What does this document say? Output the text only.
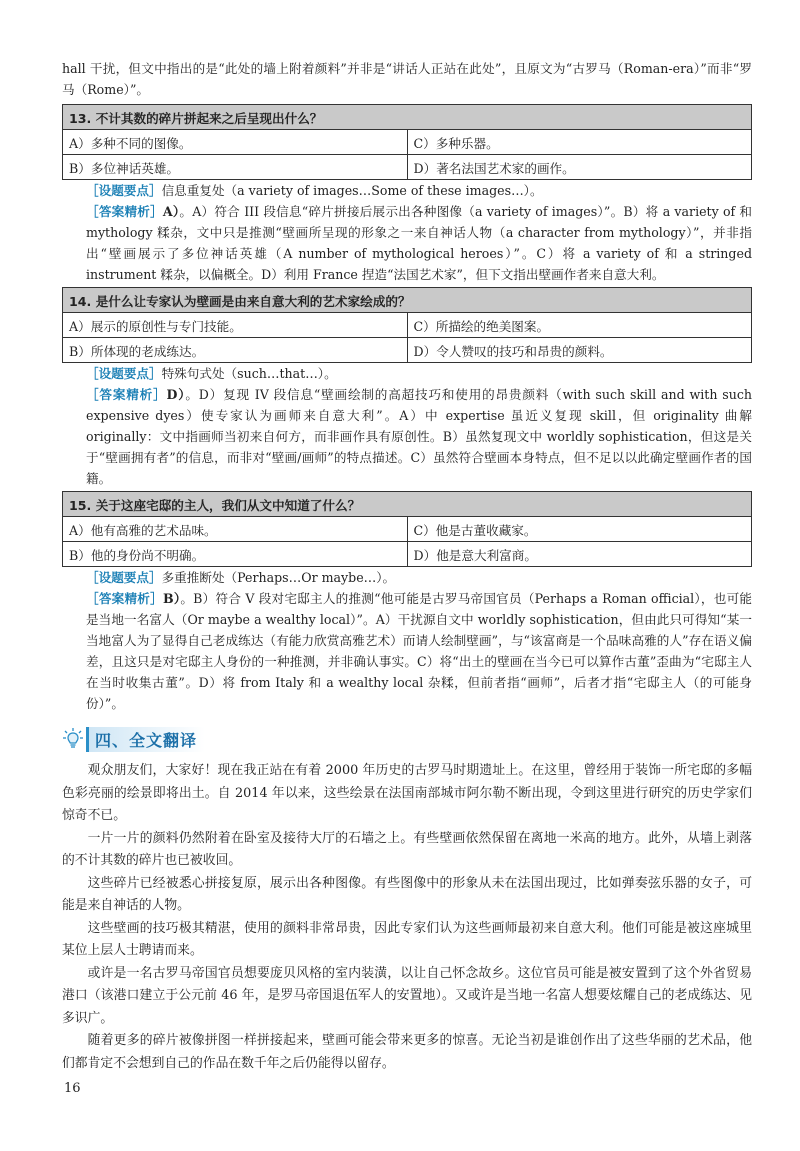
hall 干扰，但文中指出的是“此处的墙上附着颜料”并非是“讲话人正站在此处”，且原文为“古罗马（Roman-era）”而非“罗马（Rome）”。

13. 不计其数的碎片拼起来之后呈现出什么？	
A）多种不同的图像。	C）多种乐器。
B）多位神话英雄。	D）著名法国艺术家的画作。

［设题要点］信息重复处（a variety of images…Some of these images…）。

［答案精析］A）。A）符合 III 段信息“碎片拼接后展示出各种图像（a variety of images）”。B）将 a variety of 和 mythology 糅杂，文中只是推测“壁画所呈现的形象之一来自神话人物（a character from mythology）”，并非指出“壁画展示了多位神话英雄（A number of mythological heroes）”。C）将 a variety of 和 a stringed instrument 糅杂，以偏概全。D）利用 France 捏造“法国艺术家”，但下文指出壁画作者来自意大利。

14. 是什么让专家认为壁画是由来自意大利的艺术家绘成的？	
A）展示的原创性与专门技能。	C）所描绘的绝美图案。
B）所体现的老成练达。	D）令人赞叹的技巧和昂贵的颜料。

［设题要点］特殊句式处（such…that…）。

［答案精析］D）。D）复现 IV 段信息“壁画绘制的高超技巧和使用的昂贵颜料（with such skill and with such expensive dyes）使专家认为画师来自意大利”。A）中 expertise 虽近义复现 skill，但 originality 曲解 originally：文中指画师当初来自何方，而非画作具有原创性。B）虽然复现文中 worldly sophistication，但这是关于“壁画拥有者”的信息，而非对“壁画/画师”的特点描述。C）虽然符合壁画本身特点，但不足以以此确定壁画作者的国籍。

15. 关于这座宅邸的主人，我们从文中知道了什么？	
A）他有高雅的艺术品味。	C）他是古董收藏家。
B）他的身份尚不明确。	D）他是意大利富商。

［设题要点］多重推断处（Perhaps…Or maybe…）。

［答案精析］B）。B）符合 V 段对宅邸主人的推测“他可能是古罗马帝国官员（Perhaps a Roman official），也可能是当地一名富人（Or maybe a wealthy local）”。A）干扰源自文中 worldly sophistication，但由此只可得知“某一当地富人为了显得自己老成练达（有能力欣赏高雅艺术）而请人绘制壁画”，与“该富商是一个品味高雅的人”存在语义偏差，且这只是对宅邸主人身份的一种推测，并非确认事实。C）将“出土的壁画在当今已可以算作古董”歪曲为“宅邸主人在当时收集古董”。D）将 from Italy 和 a wealthy local 杂糅，但前者指“画师”，后者才指“宅邸主人（的可能身份）”。

四、全文翻译

观众朋友们，大家好！现在我正站在有着 2000 年历史的古罗马时期遗址上。在这里，曾经用于装饰一所宅邸的多幅色彩亮丽的绘景即将出土。自 2014 年以来，这些绘景在法国南部城市阿尔勒不断出现，令到这里进行研究的历史学家们惊奇不已。

一片一片的颜料仍然附着在卧室及接待大厅的石墙之上。有些壁画依然保留在离地一米高的地方。此外，从墙上剥落的不计其数的碎片也已被收回。

这些碎片已经被悉心拼接复原，展示出各种图像。有些图像中的形象从未在法国出现过，比如弹奏弦乐器的女子，可能是来自神话的人物。

这些壁画的技巧极其精湛，使用的颜料非常昂贵，因此专家们认为这些画师最初来自意大利。他们可能是被这座城里某位上层人士聘请而来。

或许是一名古罗马帝国官员想要庞贝风格的室内装潢，以让自己怀念故乡。这位官员可能是被安置到了这个外省贸易港口（该港口建立于公元前 46 年，是罗马帝国退伍军人的安置地）。又或许是当地一名富人想要炫耀自己的老成练达、见多识广。

随着更多的碎片被像拼图一样拼接起来，壁画可能会带来更多的惊喜。无论当初是谁创作出了这些华丽的艺术品，他们都肯定不会想到自己的作品在数千年之后仍能得以留存。

16
